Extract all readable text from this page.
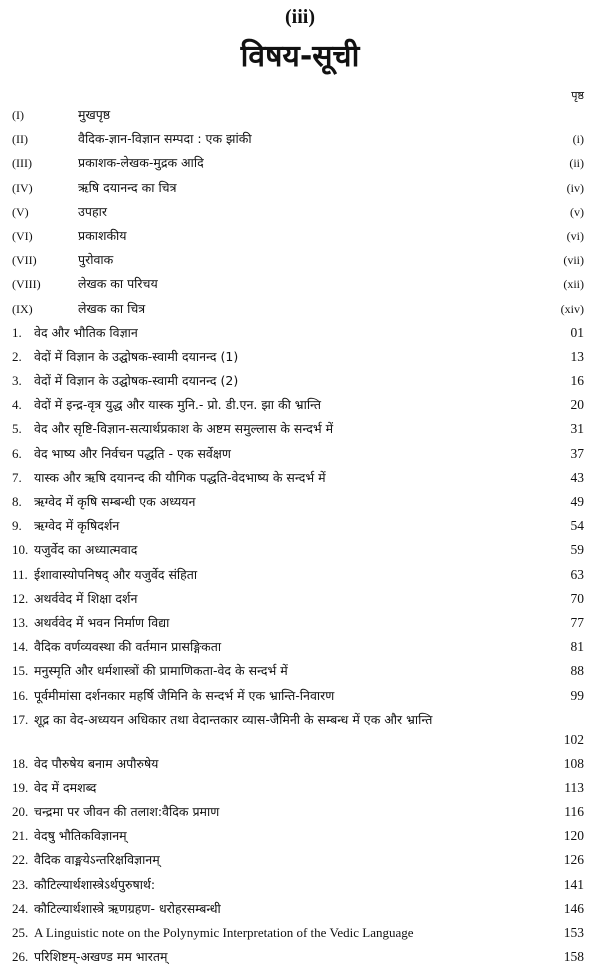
(iii)
विषय-सूची
पृष्ठ
(I)	मुखपृष्ठ
(II)	वैदिक-ज्ञान-विज्ञान सम्पदा : एक झांकी	(i)
(III)	प्रकाशक-लेखक-मुद्रक आदि	(ii)
(IV)	ऋषि दयानन्द का चित्र	(iv)
(V)	उपहार	(v)
(VI)	प्रकाशकीय	(vi)
(VII)	पुरोवाक	(vii)
(VIII)	लेखक का परिचय	(xii)
(IX)	लेखक का चित्र	(xiv)
1. वेद और भौतिक विज्ञान	01
2. वेदों में विज्ञान के उद्घोषक-स्वामी दयानन्द (1)	13
3. वेदों में विज्ञान के उद्घोषक-स्वामी दयानन्द (2)	16
4. वेदों में इन्द्र-वृत्र युद्ध और यास्क मुनि.- प्रो. डी.एन. झा की भ्रान्ति	20
5. वेद और सृष्टि-विज्ञान-सत्यार्थप्रकाश के अष्टम समुल्लास के सन्दर्भ में	31
6. वेद भाष्य और निर्वचन पद्धति - एक सर्वेक्षण	37
7. यास्क और ऋषि दयानन्द की यौगिक पद्धति-वेदभाष्य के सन्दर्भ में	43
8. ऋग्वेद में कृषि सम्बन्धी एक अध्ययन	49
9. ऋग्वेद में कृषिदर्शन	54
10. यजुर्वेद का अध्यात्मवाद	59
11. ईशावास्योपनिषद् और यजुर्वेद संहिता	63
12. अथर्ववेद में शिक्षा दर्शन	70
13. अथर्ववेद में भवन निर्माण विद्या	77
14. वैदिक वर्णव्यवस्था की वर्तमान प्रासङ्गिकता	81
15. मनुस्मृति और धर्मशास्त्रों की प्रामाणिकता-वेद के सन्दर्भ में	88
16. पूर्वमीमांसा दर्शनकार महर्षि जैमिनि के सन्दर्भ में एक भ्रान्ति-निवारण	99
17. शूद्र का वेद-अध्ययन अधिकार तथा वेदान्तकार व्यास-जैमिनी के सम्बन्ध में एक और भ्रान्ति
102
18. वेद पौरुषेय बनाम अपौरुषेय	108
19. वेद में दमशब्द	113
20. चन्द्रमा पर जीवन की तलाश:वैदिक प्रमाण	116
21. वेदषु भौतिकविज्ञानम्	120
22. वैदिक वाङ्मयेऽन्तरिक्षविज्ञानम्	126
23. कौटिल्यार्थशास्त्रेऽर्थपुरुषार्थ:	141
24. कौटिल्यार्थशास्त्रे ऋणग्रहण- धरोहरसम्बन्धी	146
25. A Linguistic note on the Polynymic Interpretation of the Vedic Language	153
26. परिशिष्टम्-अखण्ड मम भारतम्	158
